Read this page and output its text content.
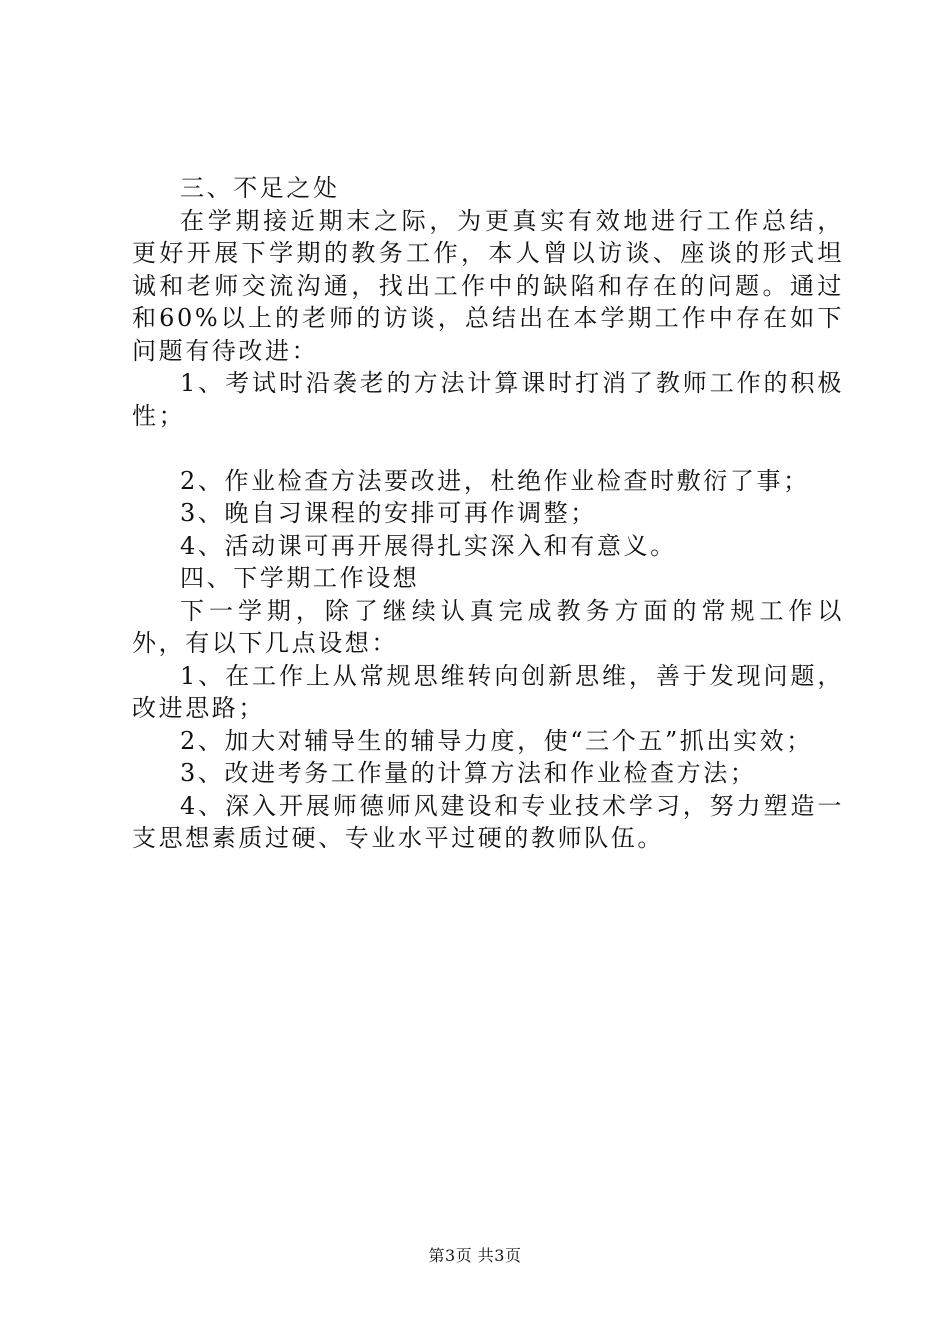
三、不足之处

在学期接近期末之际，为更真实有效地进行工作总结，更好开展下学期的教务工作，本人曾以访谈、座谈的形式坦诚和老师交流沟通，找出工作中的缺陷和存在的问题。通过和60%以上的老师的访谈，总结出在本学期工作中存在如下问题有待改进：

1、考试时沿袭老的方法计算课时打消了教师工作的积极性；

2、作业检查方法要改进，杜绝作业检查时敷衍了事；

3、晚自习课程的安排可再作调整；

4、活动课可再开展得扎实深入和有意义。

四、下学期工作设想

下一学期，除了继续认真完成教务方面的常规工作以外，有以下几点设想：

1、在工作上从常规思维转向创新思维，善于发现问题，改进思路；

2、加大对辅导生的辅导力度，使“三个五”抓出实效；

3、改进考务工作量的计算方法和作业检查方法；

4、深入开展师德师风建设和专业技术学习，努力塑造一支思想素质过硬、专业水平过硬的教师队伍。

第3页 共3页
